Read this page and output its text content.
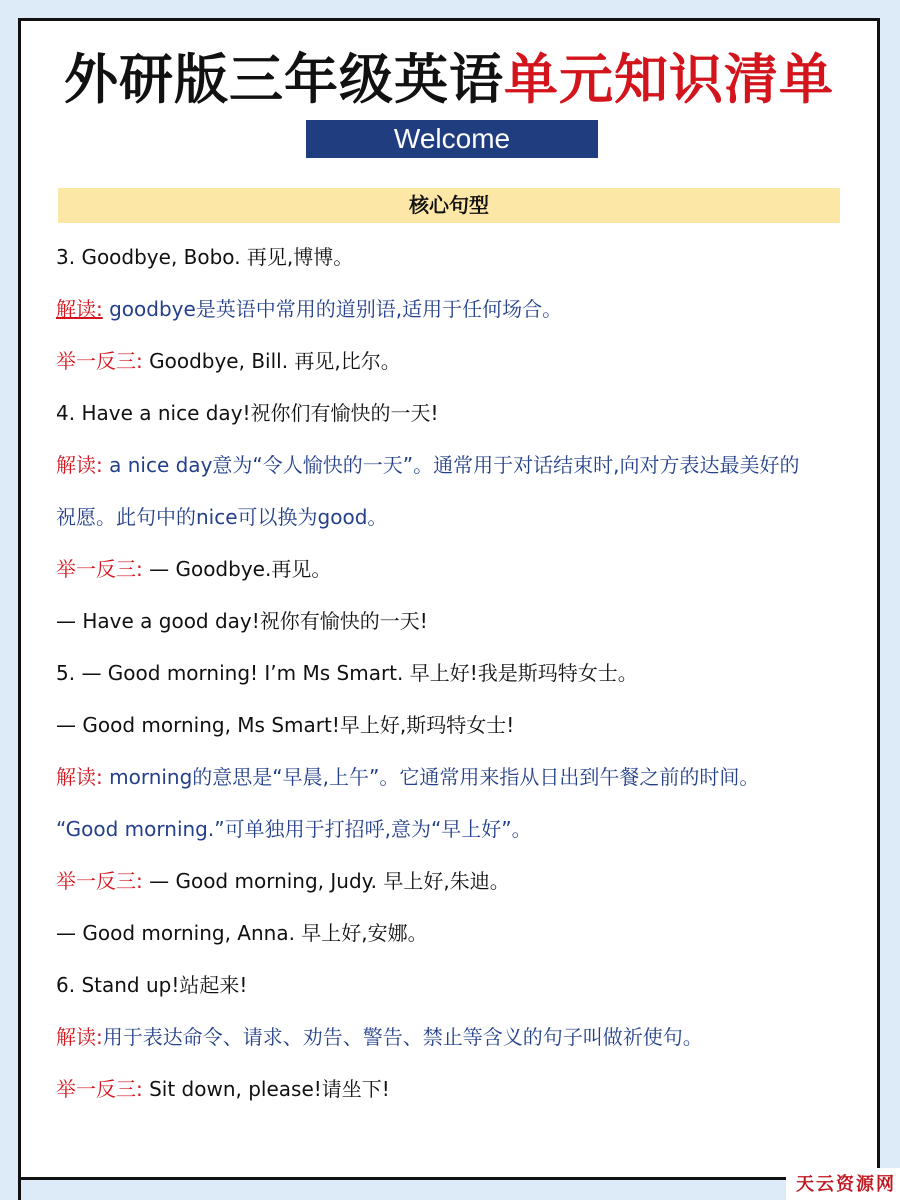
外研版三年级英语单元知识清单
Welcome
核心句型
3. Goodbye, Bobo. 再见,博博。
解读: goodbye是英语中常用的道别语,适用于任何场合。
举一反三: Goodbye, Bill. 再见,比尔。
4. Have a nice day!祝你们有愉快的一天!
解读: a nice day意为“令人愉快的一天”。通常用于对话结束时,向对方表达最美好的
祝愿。此句中的nice可以换为good。
举一反三: — Goodbye.再见。
— Have a good day!祝你有愉快的一天!
5. — Good morning! I’m Ms Smart. 早上好!我是斯玛特女士。
— Good morning, Ms Smart!早上好,斯玛特女士!
解读: morning的意思是“早晨,上午”。它通常用来指从日出到午餐之前的时间。
“Good morning.”可单独用于打招呼,意为“早上好”。
举一反三: — Good morning, Judy. 早上好,朱迪。
— Good morning, Anna. 早上好,安娜。
6. Stand up!站起来!
解读:用于表达命令、请求、劝告、警告、禁止等含义的句子叫做祈使句。
举一反三: Sit down, please!请坐下!
天云资源网
